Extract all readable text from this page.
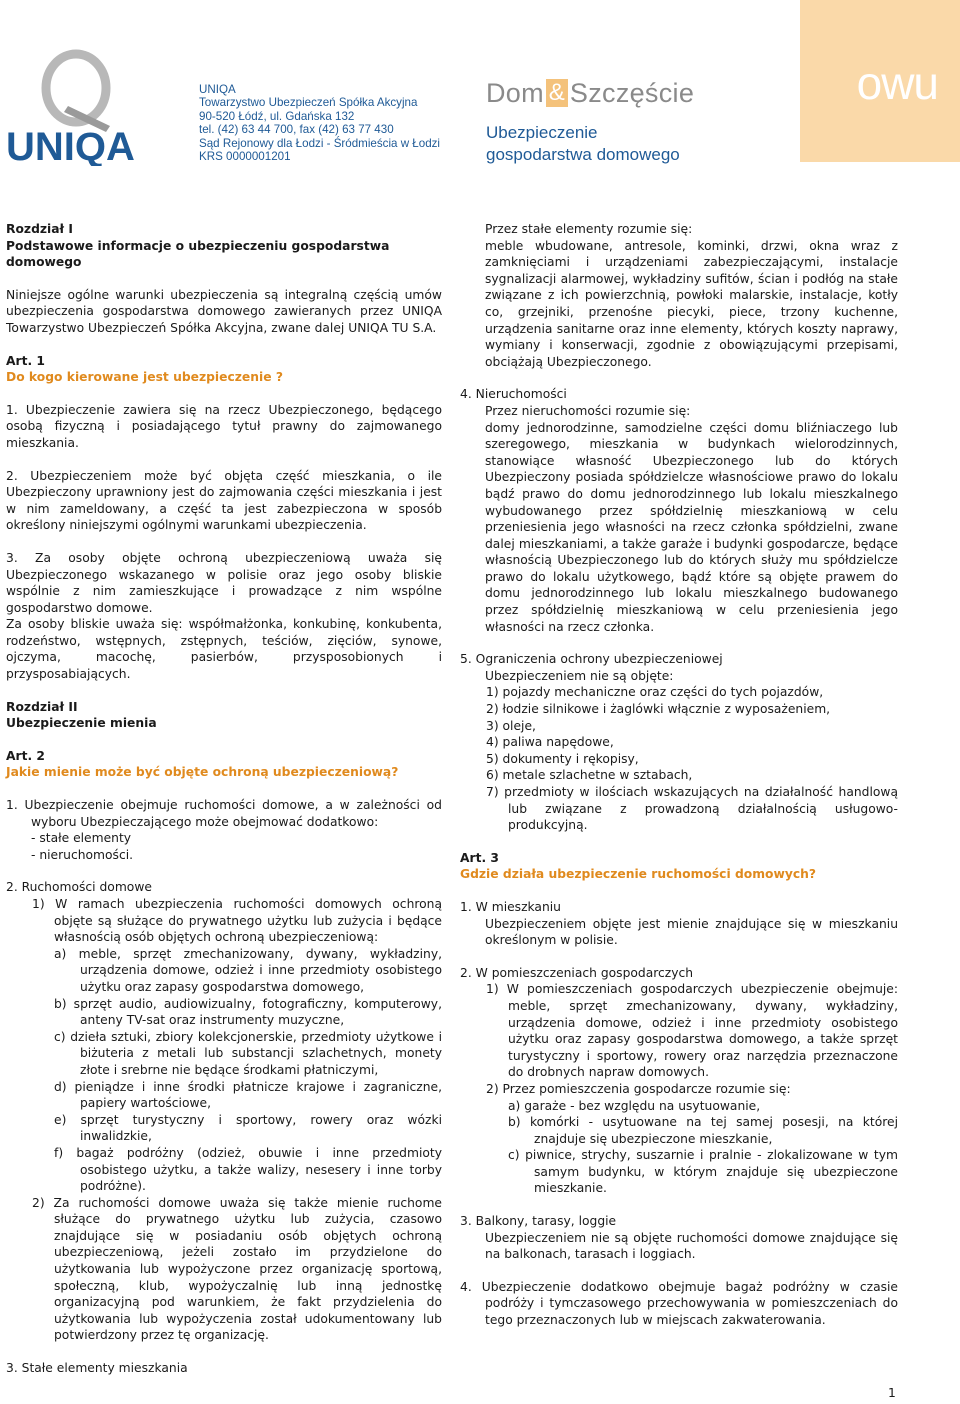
UNIQA
UNIQA
Towarzystwo Ubezpieczeń Spółka Akcyjna
90-520 Łódź, ul. Gdańska 132
tel. (42) 63 44 700, fax (42) 63 77 430
Sąd Rejonowy dla Łodzi - Śródmieścia w Łodzi
KRS 0000001201
Dom & Szczęście
Ubezpieczenie
gospodarstwa domowego
owu

Rozdział I

Podstawowe informacje o ubezpieczeniu gospodarstwa domowego

Niniejsze ogólne warunki ubezpieczenia są integralną częścią umów ubezpieczenia gospodarstwa domowego zawieranych przez UNIQA Towarzystwo Ubezpieczeń Spółka Akcyjna, zwane dalej UNIQA TU S.A.

Art. 1

Do kogo kierowane jest ubezpieczenie ?

1. Ubezpieczenie zawiera się na rzecz Ubezpieczonego, będącego osobą fizyczną i posiadającego tytuł prawny do zajmowanego mieszkania.

2. Ubezpieczeniem może być objęta część mieszkania, o ile Ubezpieczony uprawniony jest do zajmowania części mieszkania i jest w nim zameldowany, a część ta jest zabezpieczona w sposób określony niniejszymi ogólnymi warunkami ubezpieczenia.

3. Za osoby objęte ochroną ubezpieczeniową uważa się Ubezpieczonego wskazanego w polisie oraz jego osoby bliskie wspólnie z nim zamieszkujące i prowadzące z nim wspólne gospodarstwo domowe.

Za osoby bliskie uważa się: współmałżonka, konkubinę, konkubenta, rodzeństwo, wstępnych, zstępnych, teściów, zięciów, synowe, ojczyma, macochę, pasierbów, przysposobionych i przysposabiających.

Rozdział II

Ubezpieczenie mienia

Art. 2

Jakie mienie może być objęte ochroną ubezpieczeniową?

1. Ubezpieczenie obejmuje ruchomości domowe, a w zależności od wyboru Ubezpieczającego może obejmować dodatkowo:

- stałe elementy

- nieruchomości.

2. Ruchomości domowe

1) W ramach ubezpieczenia ruchomości domowych ochroną objęte są służące do prywatnego użytku lub zużycia i będące własnością osób objętych ochroną ubezpieczeniową:

a) meble, sprzęt zmechanizowany, dywany, wykładziny, urządzenia domowe, odzież i inne przedmioty osobistego użytku oraz zapasy gospodarstwa domowego,

b) sprzęt audio, audiowizualny, fotograficzny, komputerowy, anteny TV-sat oraz instrumenty muzyczne,

c) dzieła sztuki, zbiory kolekcjonerskie, przedmioty użytkowe i biżuteria z metali lub substancji szlachetnych, monety złote i srebrne nie będące środkami płatniczymi,

d) pieniądze i inne środki płatnicze krajowe i zagraniczne, papiery wartościowe,

e) sprzęt turystyczny i sportowy, rowery oraz wózki inwalidzkie,

f) bagaż podróżny (odzież, obuwie i inne przedmioty osobistego użytku, a także walizy, nesesery i inne torby podróżne).

2) Za ruchomości domowe uważa się także mienie ruchome służące do prywatnego użytku lub zużycia, czasowo znajdujące się w posiadaniu osób objętych ochroną ubezpieczeniową, jeżeli zostało im przydzielone do użytkowania lub wypożyczone przez organizację sportową, społeczną, klub, wypożyczalnię lub inną jednostkę organizacyjną pod warunkiem, że fakt przydzielenia do użytkowania lub wypożyczenia został udokumentowany lub potwierdzony przez tę organizację.

3. Stałe elementy mieszkania

Przez stałe elementy rozumie się:

meble wbudowane, antresole, kominki, drzwi, okna wraz z zamknięciami i urządzeniami zabezpieczającymi, instalacje sygnalizacji alarmowej, wykładziny sufitów, ścian i podłóg na stałe związane z ich powierzchnią, powłoki malarskie, instalacje, kotły co, grzejniki, przenośne piecyki, piece, trzony kuchenne, urządzenia sanitarne oraz inne elementy, których koszty naprawy, wymiany i konserwacji, zgodnie z obowiązującymi przepisami, obciążają Ubezpieczonego.

4. Nieruchomości

Przez nieruchomości rozumie się:

domy jednorodzinne, samodzielne części domu bliźniaczego lub szeregowego, mieszkania w budynkach wielorodzinnych, stanowiące własność Ubezpieczonego lub do których Ubezpieczony posiada spółdzielcze własnościowe prawo do lokalu bądź prawo do domu jednorodzinnego lub lokalu mieszkalnego wybudowanego przez spółdzielnię mieszkaniową w celu przeniesienia jego własności na rzecz członka spółdzielni, zwane dalej mieszkaniami, a także garaże i budynki gospodarcze, będące własnością Ubezpieczonego lub do których służy mu spółdzielcze prawo do lokalu użytkowego, bądź które są objęte prawem do domu jednorodzinnego lub lokalu mieszkalnego budowanego przez spółdzielnię mieszkaniową w celu przeniesienia jego własności na rzecz członka.

5. Ograniczenia ochrony ubezpieczeniowej

Ubezpieczeniem nie są objęte:

1) pojazdy mechaniczne oraz części do tych pojazdów,

2) łodzie silnikowe i żaglówki włącznie z wyposażeniem,

3) oleje,

4) paliwa napędowe,

5) dokumenty i rękopisy,

6) metale szlachetne w sztabach,

7) przedmioty w ilościach wskazujących na działalność handlową lub związane z prowadzoną działalnością usługowo-produkcyjną.

Art. 3

Gdzie działa ubezpieczenie ruchomości domowych?

1. W mieszkaniu

Ubezpieczeniem objęte jest mienie znajdujące się w mieszkaniu określonym w polisie.

2. W pomieszczeniach gospodarczych

1) W pomieszczeniach gospodarczych ubezpieczenie obejmuje: meble, sprzęt zmechanizowany, dywany, wykładziny, urządzenia domowe, odzież i inne przedmioty osobistego użytku oraz zapasy gospodarstwa domowego, a także sprzęt turystyczny i sportowy, rowery oraz narzędzia przeznaczone do drobnych napraw domowych.

2) Przez pomieszczenia gospodarcze rozumie się:

a) garaże - bez względu na usytuowanie,

b) komórki - usytuowane na tej samej posesji, na której znajduje się ubezpieczone mieszkanie,

c) piwnice, strychy, suszarnie i pralnie - zlokalizowane w tym samym budynku, w którym znajduje się ubezpieczone mieszkanie.

3. Balkony, tarasy, loggie

Ubezpieczeniem nie są objęte ruchomości domowe znajdujące się na balkonach, tarasach i loggiach.

4. Ubezpieczenie dodatkowo obejmuje bagaż podróżny w czasie podróży i tymczasowego przechowywania w pomieszczeniach do tego przeznaczonych lub w miejscach zakwaterowania.

1
